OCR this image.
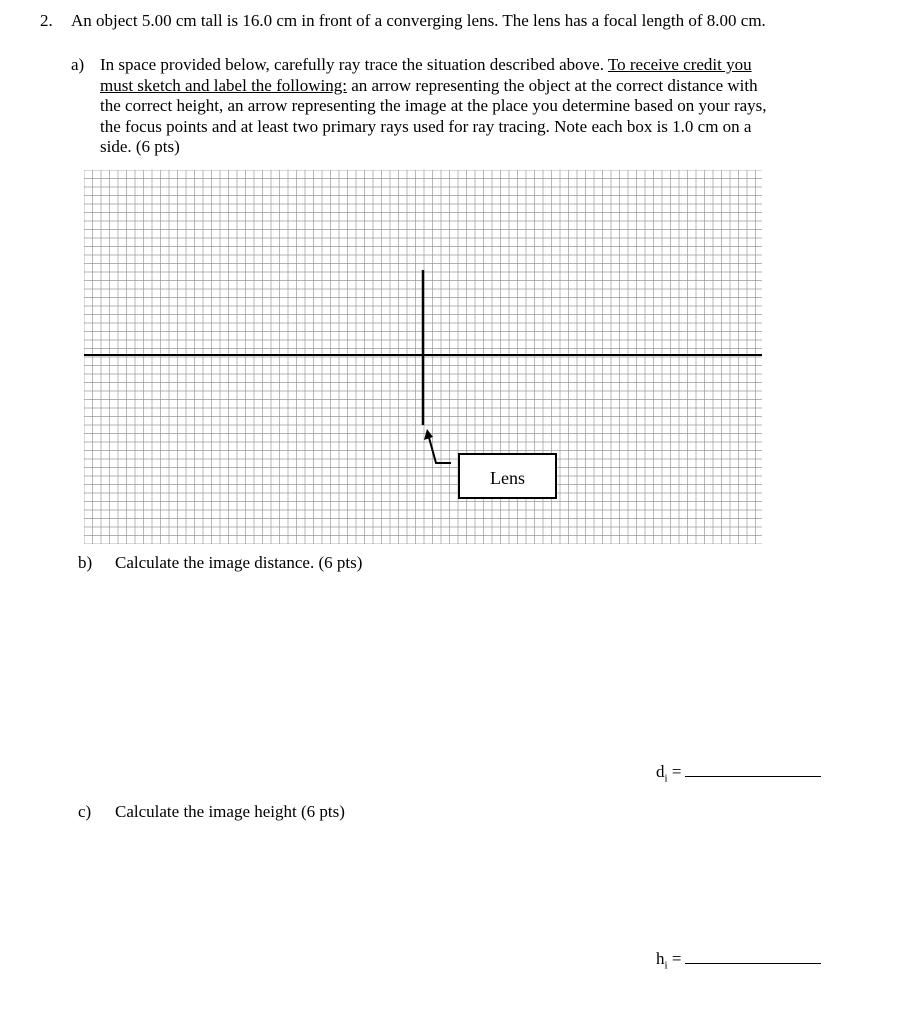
2. An object 5.00 cm tall is 16.0 cm in front of a converging lens. The lens has a focal length of 8.00 cm.
a) In space provided below, carefully ray trace the situation described above. To receive credit you
must sketch and label the following: an arrow representing the object at the correct distance with
the correct height, an arrow representing the image at the place you determine based on your rays,
the focus points and at least two primary rays used for ray tracing. Note each box is 1.0 cm on a
side. (6 pts)
Lens
b) Calculate the image distance. (6 pts)
$d_i$ =
c) Calculate the image height (6 pts)
$h_i$ =
